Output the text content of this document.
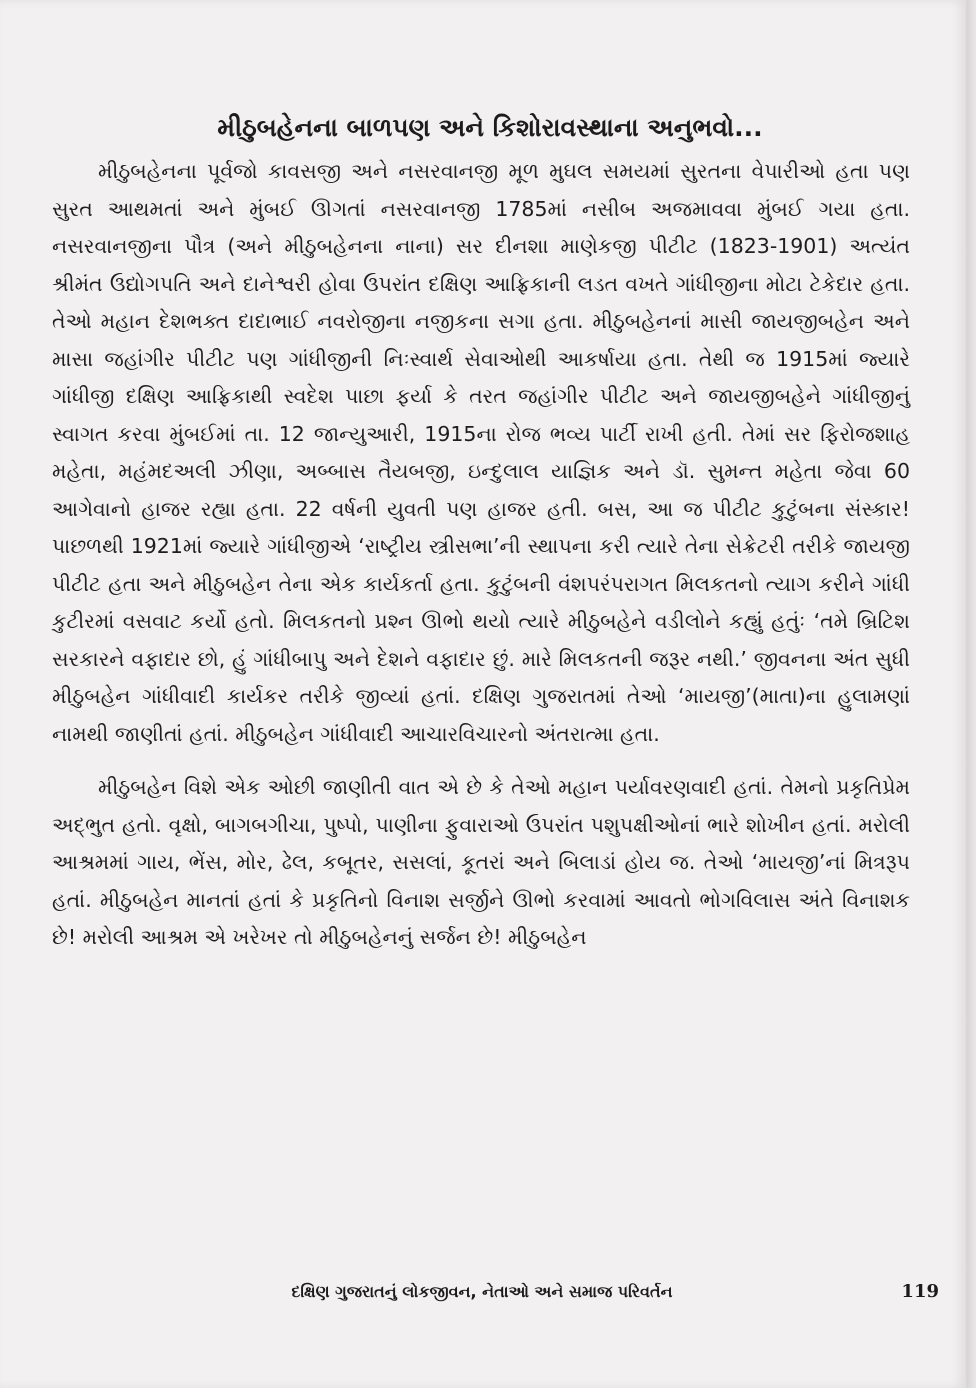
મીઠુબહેનના બાળપણ અને કિશોરાવસ્થાના અનુભવો...

મીઠુબહેનના પૂર્વજો કાવસજી અને નસરવાનજી મૂળ મુઘલ સમયમાં સુરતના વેપારીઓ હતા પણ સુરત આથમતાં અને મુંબઈ ઊગતાં નસરવાનજી 1785માં નસીબ અજમાવવા મુંબઈ ગયા હતા. નસરવાનજીના પૌત્ર (અને મીઠુબહેનના નાના) સર દીનશા માણેકજી પીટીટ (1823-1901) અત્યંત શ્રીમંત ઉદ્યોગપતિ અને દાનેશ્વરી હોવા ઉપરાંત દક્ષિણ આફ્રિકાની લડત વખતે ગાંધીજીના મોટા ટેકેદાર હતા. તેઓ મહાન દેશભક્ત દાદાભાઈ નવરોજીના નજીકના સગા હતા. મીઠુબહેનનાં માસી જાયજીબહેન અને માસા જહાંગીર પીટીટ પણ ગાંધીજીની નિઃસ્વાર્થ સેવાઓથી આકર્ષાયા હતા. તેથી જ 1915માં જ્યારે ગાંધીજી દક્ષિણ આફ્રિકાથી સ્વદેશ પાછા ફર્યા કે તરત જહાંગીર પીટીટ અને જાયજીબહેને ગાંધીજીનું સ્વાગત કરવા મુંબઈમાં તા. 12 જાન્યુઆરી, 1915ના રોજ ભવ્ય પાર્ટી રાખી હતી. તેમાં સર ફિરોજશાહ મહેતા, મહંમદઅલી ઝીણા, અબ્બાસ તૈયબજી, ઇન્દુલાલ યાજ્ઞિક અને ડૉ. સુમન્ત મહેતા જેવા 60 આગેવાનો હાજર રહ્યા હતા. 22 વર્ષની યુવતી પણ હાજર હતી. બસ, આ જ પીટીટ કુટુંબના સંસ્કાર! પાછળથી 1921માં જ્યારે ગાંધીજીએ ‘રાષ્ટ્રીય સ્ત્રીસભા’ની સ્થાપના કરી ત્યારે તેના સેક્રેટરી તરીકે જાયજી પીટીટ હતા અને મીઠુબહેન તેના એક કાર્યકર્તા હતા. કુટુંબની વંશપરંપરાગત મિલકતનો ત્યાગ કરીને ગાંધી કુટીરમાં વસવાટ કર્યો હતો. મિલકતનો પ્રશ્ન ઊભો થયો ત્યારે મીઠુબહેને વડીલોને કહ્યું હતુંઃ ‘તમે બ્રિટિશ સરકારને વફાદાર છો, હું ગાંધીબાપુ અને દેશને વફાદાર છું. મારે મિલકતની જરૂર નથી.’ જીવનના અંત સુધી મીઠુબહેન ગાંધીવાદી કાર્યકર તરીકે જીવ્યાં હતાં. દક્ષિણ ગુજરાતમાં તેઓ ‘માયજી’(માતા)ના હુલામણાં નામથી જાણીતાં હતાં. મીઠુબહેન ગાંધીવાદી આચારવિચારનો અંતરાત્મા હતા.

મીઠુબહેન વિશે એક ઓછી જાણીતી વાત એ છે કે તેઓ મહાન પર્યાવરણવાદી હતાં. તેમનો પ્રકૃતિપ્રેમ અદ્ભુત હતો. વૃક્ષો, બાગબગીચા, પુષ્પો, પાણીના ફુવારાઓ ઉપરાંત પશુપક્ષીઓનાં ભારે શોખીન હતાં. મરોલી આશ્રમમાં ગાય, ભેંસ, મોર, ઢેલ, કબૂતર, સસલાં, કૂતરાં અને બિલાડાં હોય જ. તેઓ ‘માયજી’નાં મિત્રરૂપ હતાં. મીઠુબહેન માનતાં હતાં કે પ્રકૃતિનો વિનાશ સર્જીને ઊભો કરવામાં આવતો ભોગવિલાસ અંતે વિનાશક છે! મરોલી આશ્રમ એ ખરેખર તો મીઠુબહેનનું સર્જન છે! મીઠુબહેન

દક્ષિણ ગુજરાતનું લોકજીવન, નેતાઓ અને સમાજ પરિવર્તન	119
